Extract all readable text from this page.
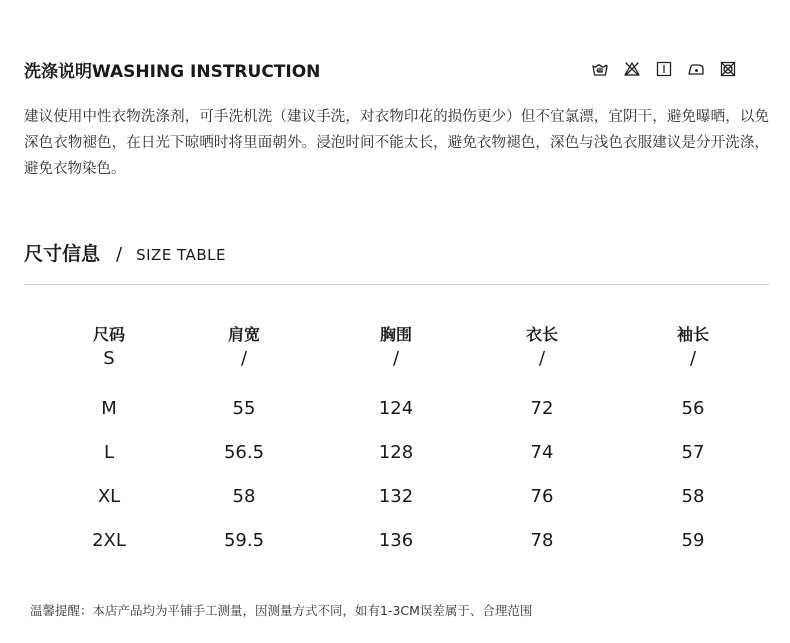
洗涤说明WASHING INSTRUCTION
建议使用中性衣物洗涤剂，可手洗机洗（建议手洗，对衣物印花的损伤更少）但不宜氯漂，宜阴干，避免曝晒，以免深色衣物褪色，在日光下晾晒时将里面朝外。浸泡时间不能太长，避免衣物褪色，深色与浅色衣服建议是分开洗涤，避免衣物染色。
尺寸信息 / SIZE TABLE
尺码	肩宽	胸围	衣长	袖长
S	/	/	/	/
M	55	124	72	56
L	56.5	128	74	57
XL	58	132	76	58
2XL	59.5	136	78	59
温馨提醒：本店产品均为平铺手工测量，因测量方式不同，如有1-3CM误差属于、合理范围
